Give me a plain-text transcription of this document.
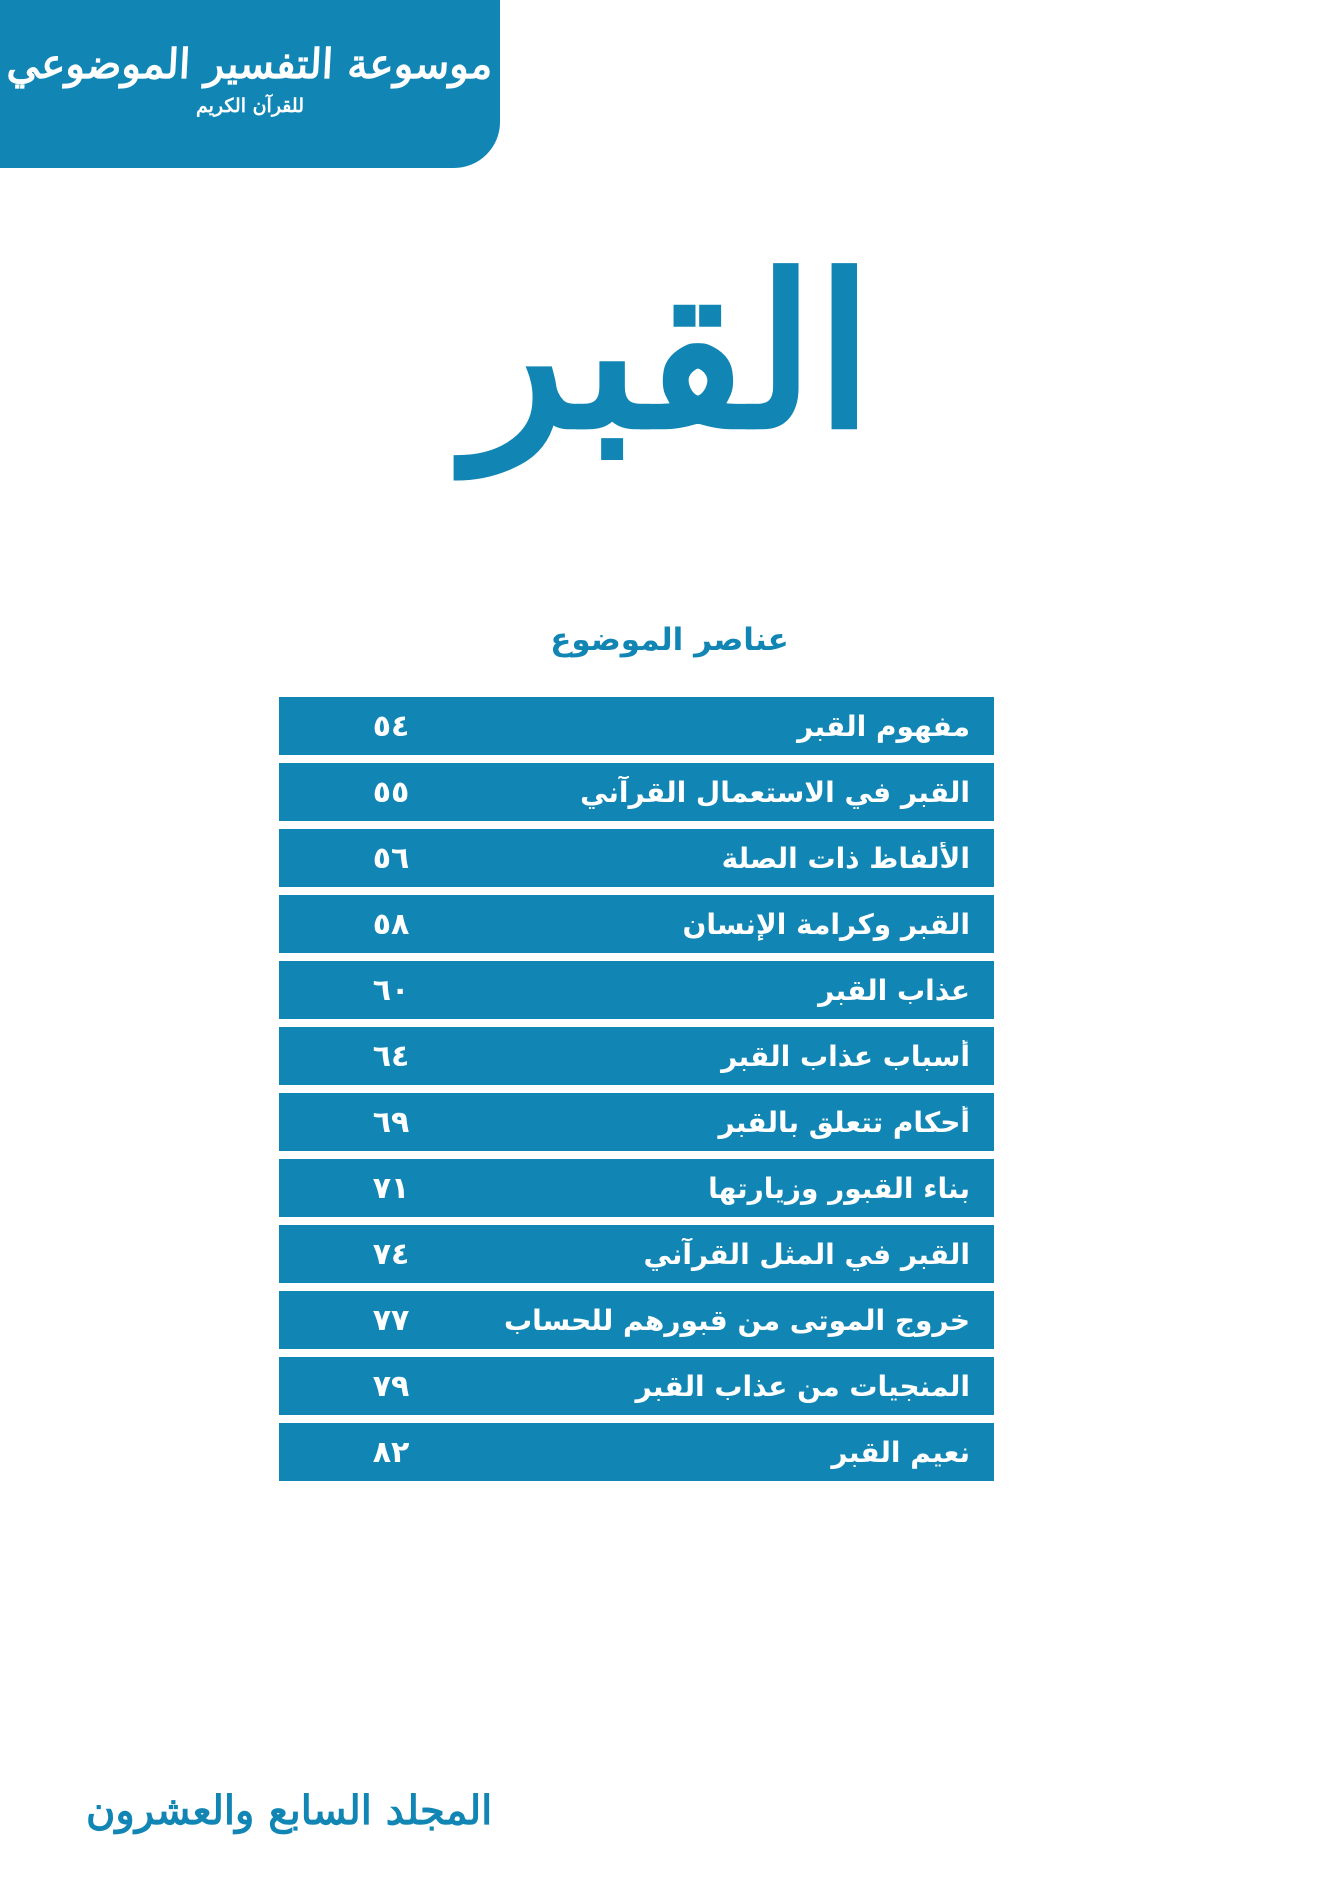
موسوعة التفسير الموضوعي
للقرآن الكريم
القبر
عناصر الموضوع
مفهوم القبر
٥٤
القبر في الاستعمال القرآني
٥٥
الألفاظ ذات الصلة
٥٦
القبر وكرامة الإنسان
٥٨
عذاب القبر
٦٠
أسباب عذاب القبر
٦٤
أحكام تتعلق بالقبر
٦٩
بناء القبور وزيارتها
٧١
القبر في المثل القرآني
٧٤
خروج الموتى من قبورهم للحساب
٧٧
المنجيات من عذاب القبر
٧٩
نعيم القبر
٨٢
المجلد السابع والعشرون
